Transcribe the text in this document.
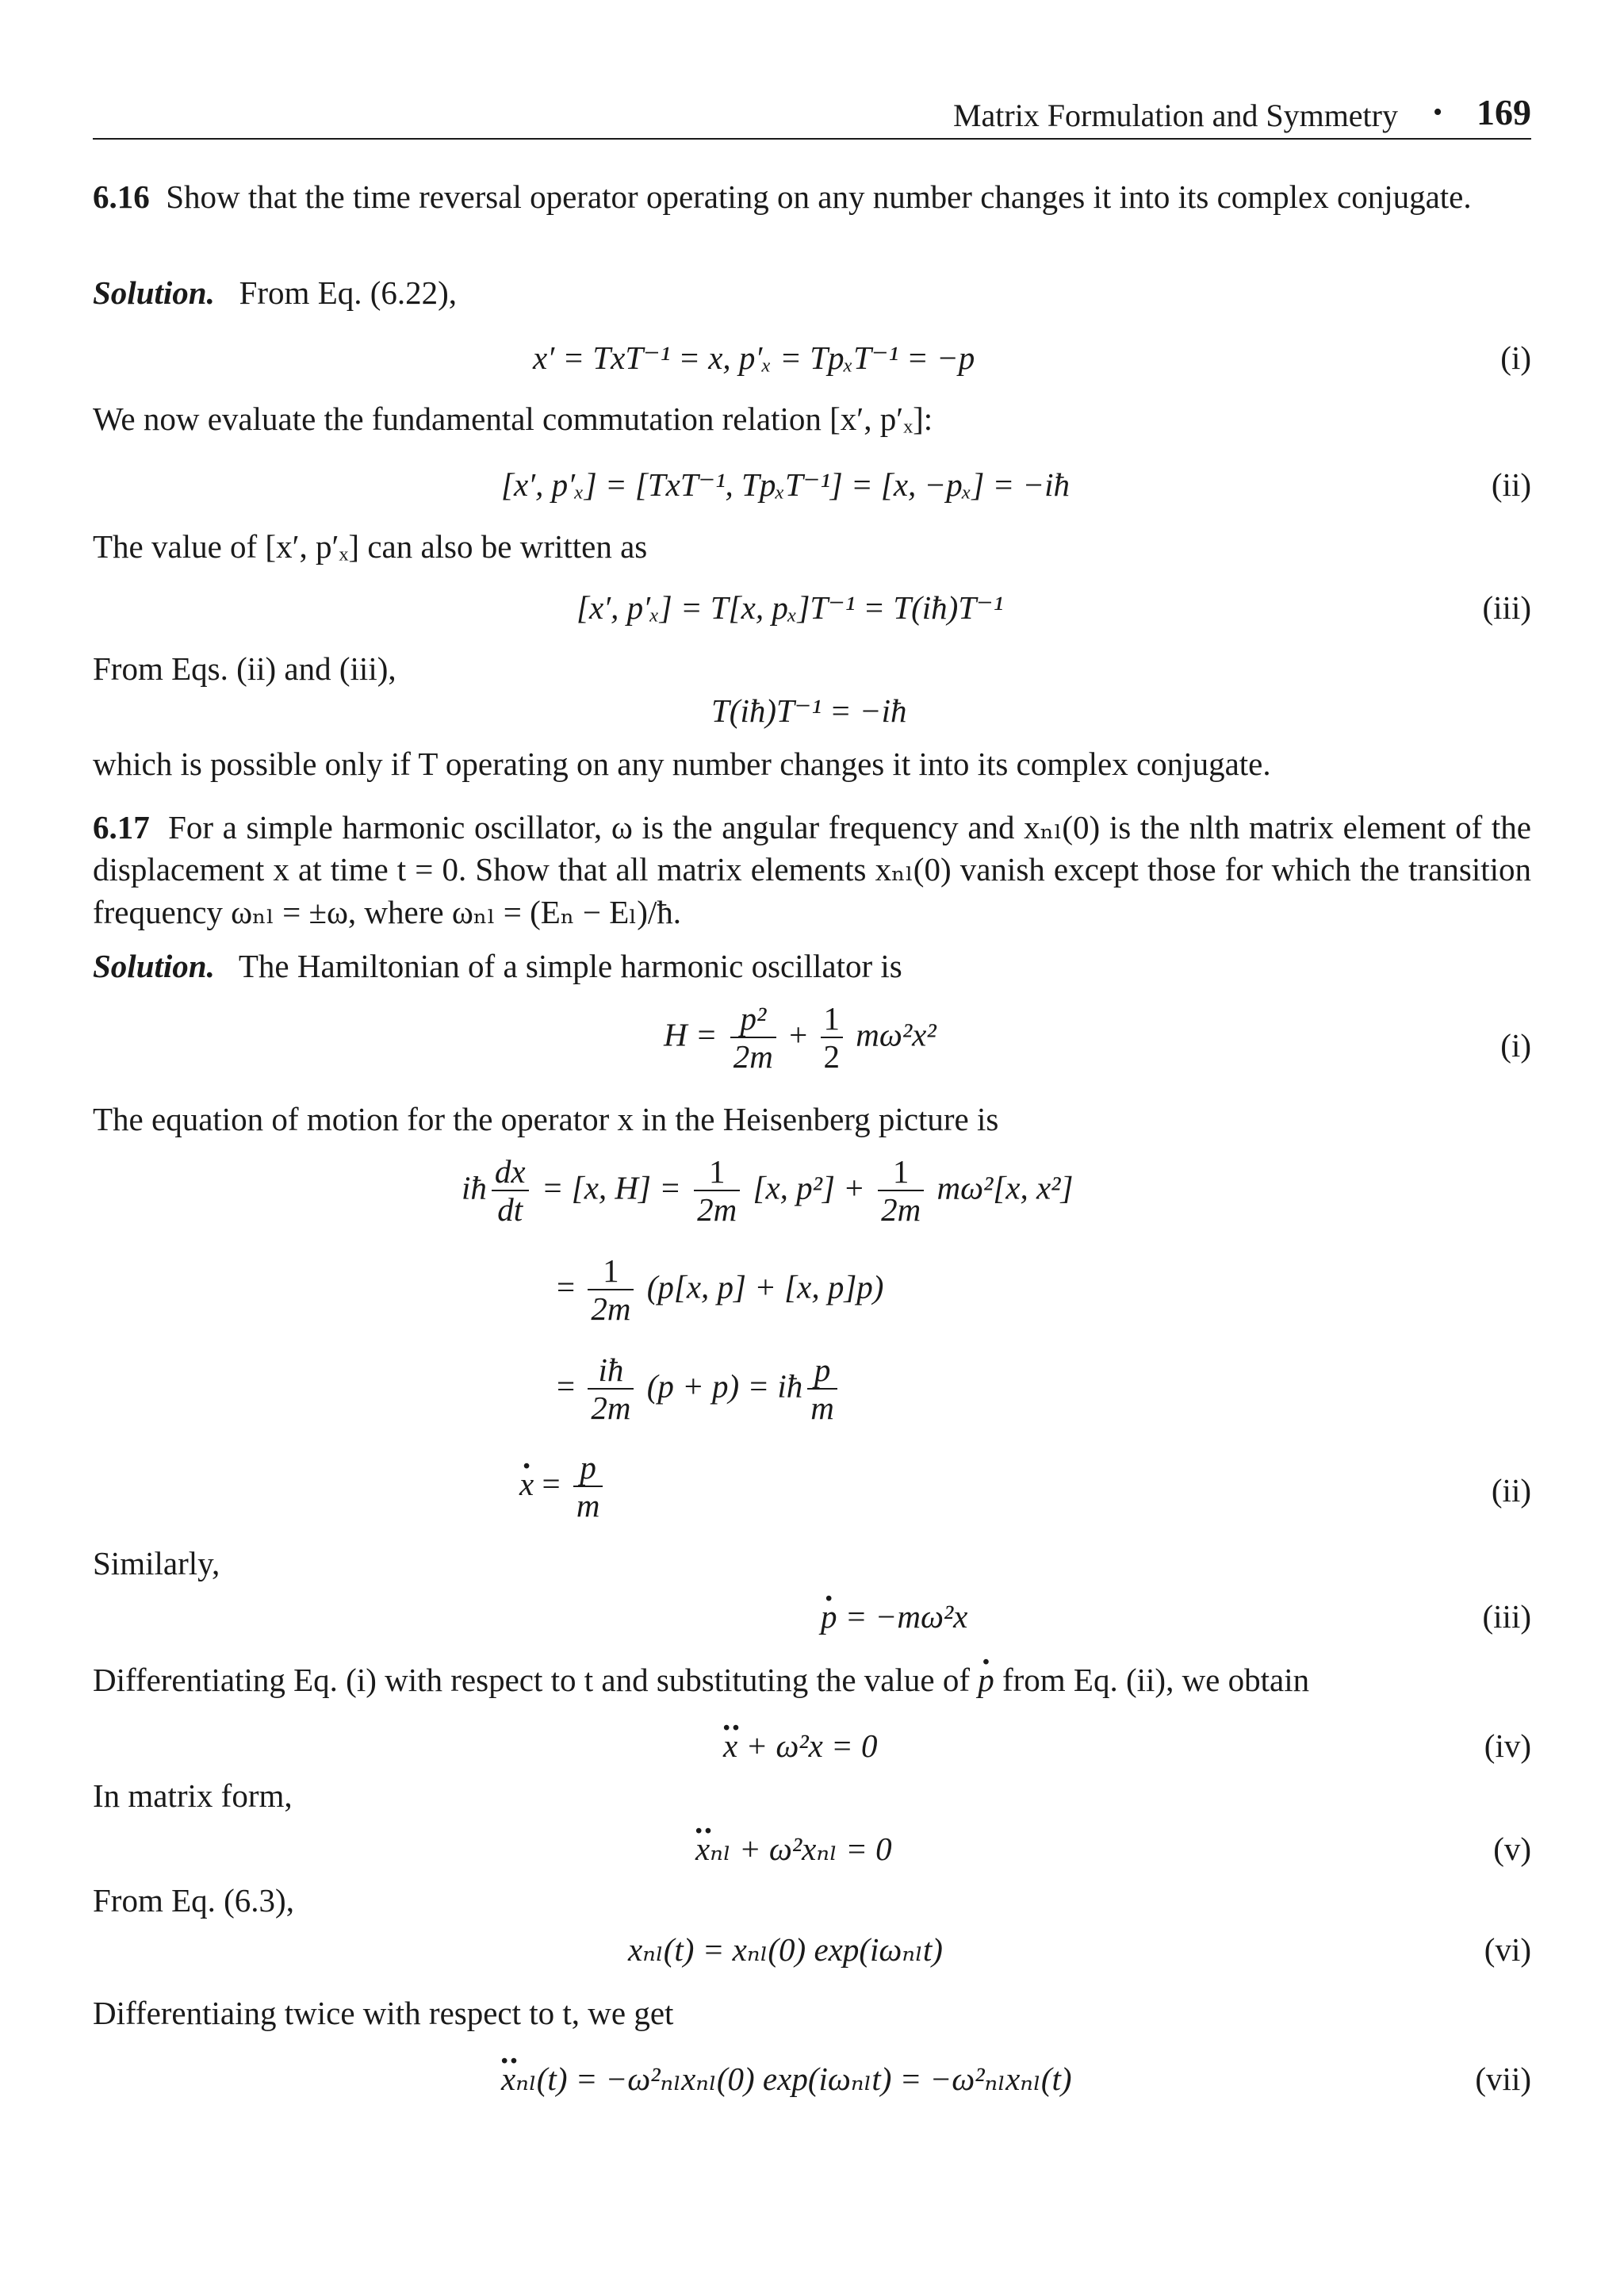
Matrix Formulation and Symmetry • 169
6.16 Show that the time reversal operator operating on any number changes it into its complex conjugate.
Solution. From Eq. (6.22),
x′ = TxT⁻¹ = x, p′ₓ = TpₓT⁻¹ = −p	(i)
We now evaluate the fundamental commutation relation [x′, p′ₓ]:
[x′, p′ₓ] = [TxT⁻¹, TpₓT⁻¹] = [x, −pₓ] = −iħ	(ii)
The value of [x′, p′ₓ] can also be written as
[x′, p′ₓ] = T[x, pₓ]T⁻¹ = T(iħ)T⁻¹	(iii)
From Eqs. (ii) and (iii),
T(iħ)T⁻¹ = −iħ
which is possible only if T operating on any number changes it into its complex conjugate.
6.17 For a simple harmonic oscillator, ω is the angular frequency and xₙₗ(0) is the nlth matrix element of the displacement x at time t = 0. Show that all matrix elements xₙₗ(0) vanish except those for which the transition frequency ωₙₗ = ±ω, where ωₙₗ = (Eₙ − Eₗ)/ħ.
Solution. The Hamiltonian of a simple harmonic oscillator is
$H = \frac{\text{p²}}{2m} + \frac{1}{2} m\omega^2x^2$	(i)
The equation of motion for the operator x in the Heisenberg picture is
iħ $\frac{dx}{dt} = [x$, $H] = \frac{1}{2m} [x$, $p^2] + \frac{1}{2m} m\omega^2[x$, x²]
= $\frac{1}{2m} (p[x$, p] + [x, p]p)
= $\frac{iħ}{2m} (p + p)$ = iħ $\frac{p}{m}$
x · = $\frac{p}{m}$	(ii)
Similarly,
p · = −mω²x	(iii)
Differentiating Eq. (i) with respect to t and substituting the value of p · from Eq. (ii), we obtain
x ·· + ω²x = 0	(iv)
In matrix form,
x ··ₙₗ + ω²xₙₗ = 0	(v)
From Eq. (6.3),
xₙₗ(t) = xₙₗ(0) exp(iωₙₗt)	(vi)
Differentiaing twice with respect to t, we get
x ··ₙₗ(t) = −ω²ₙₗxₙₗ(0) exp(iωₙₗt) = −ω²ₙₗxₙₗ(t)	(vii)
